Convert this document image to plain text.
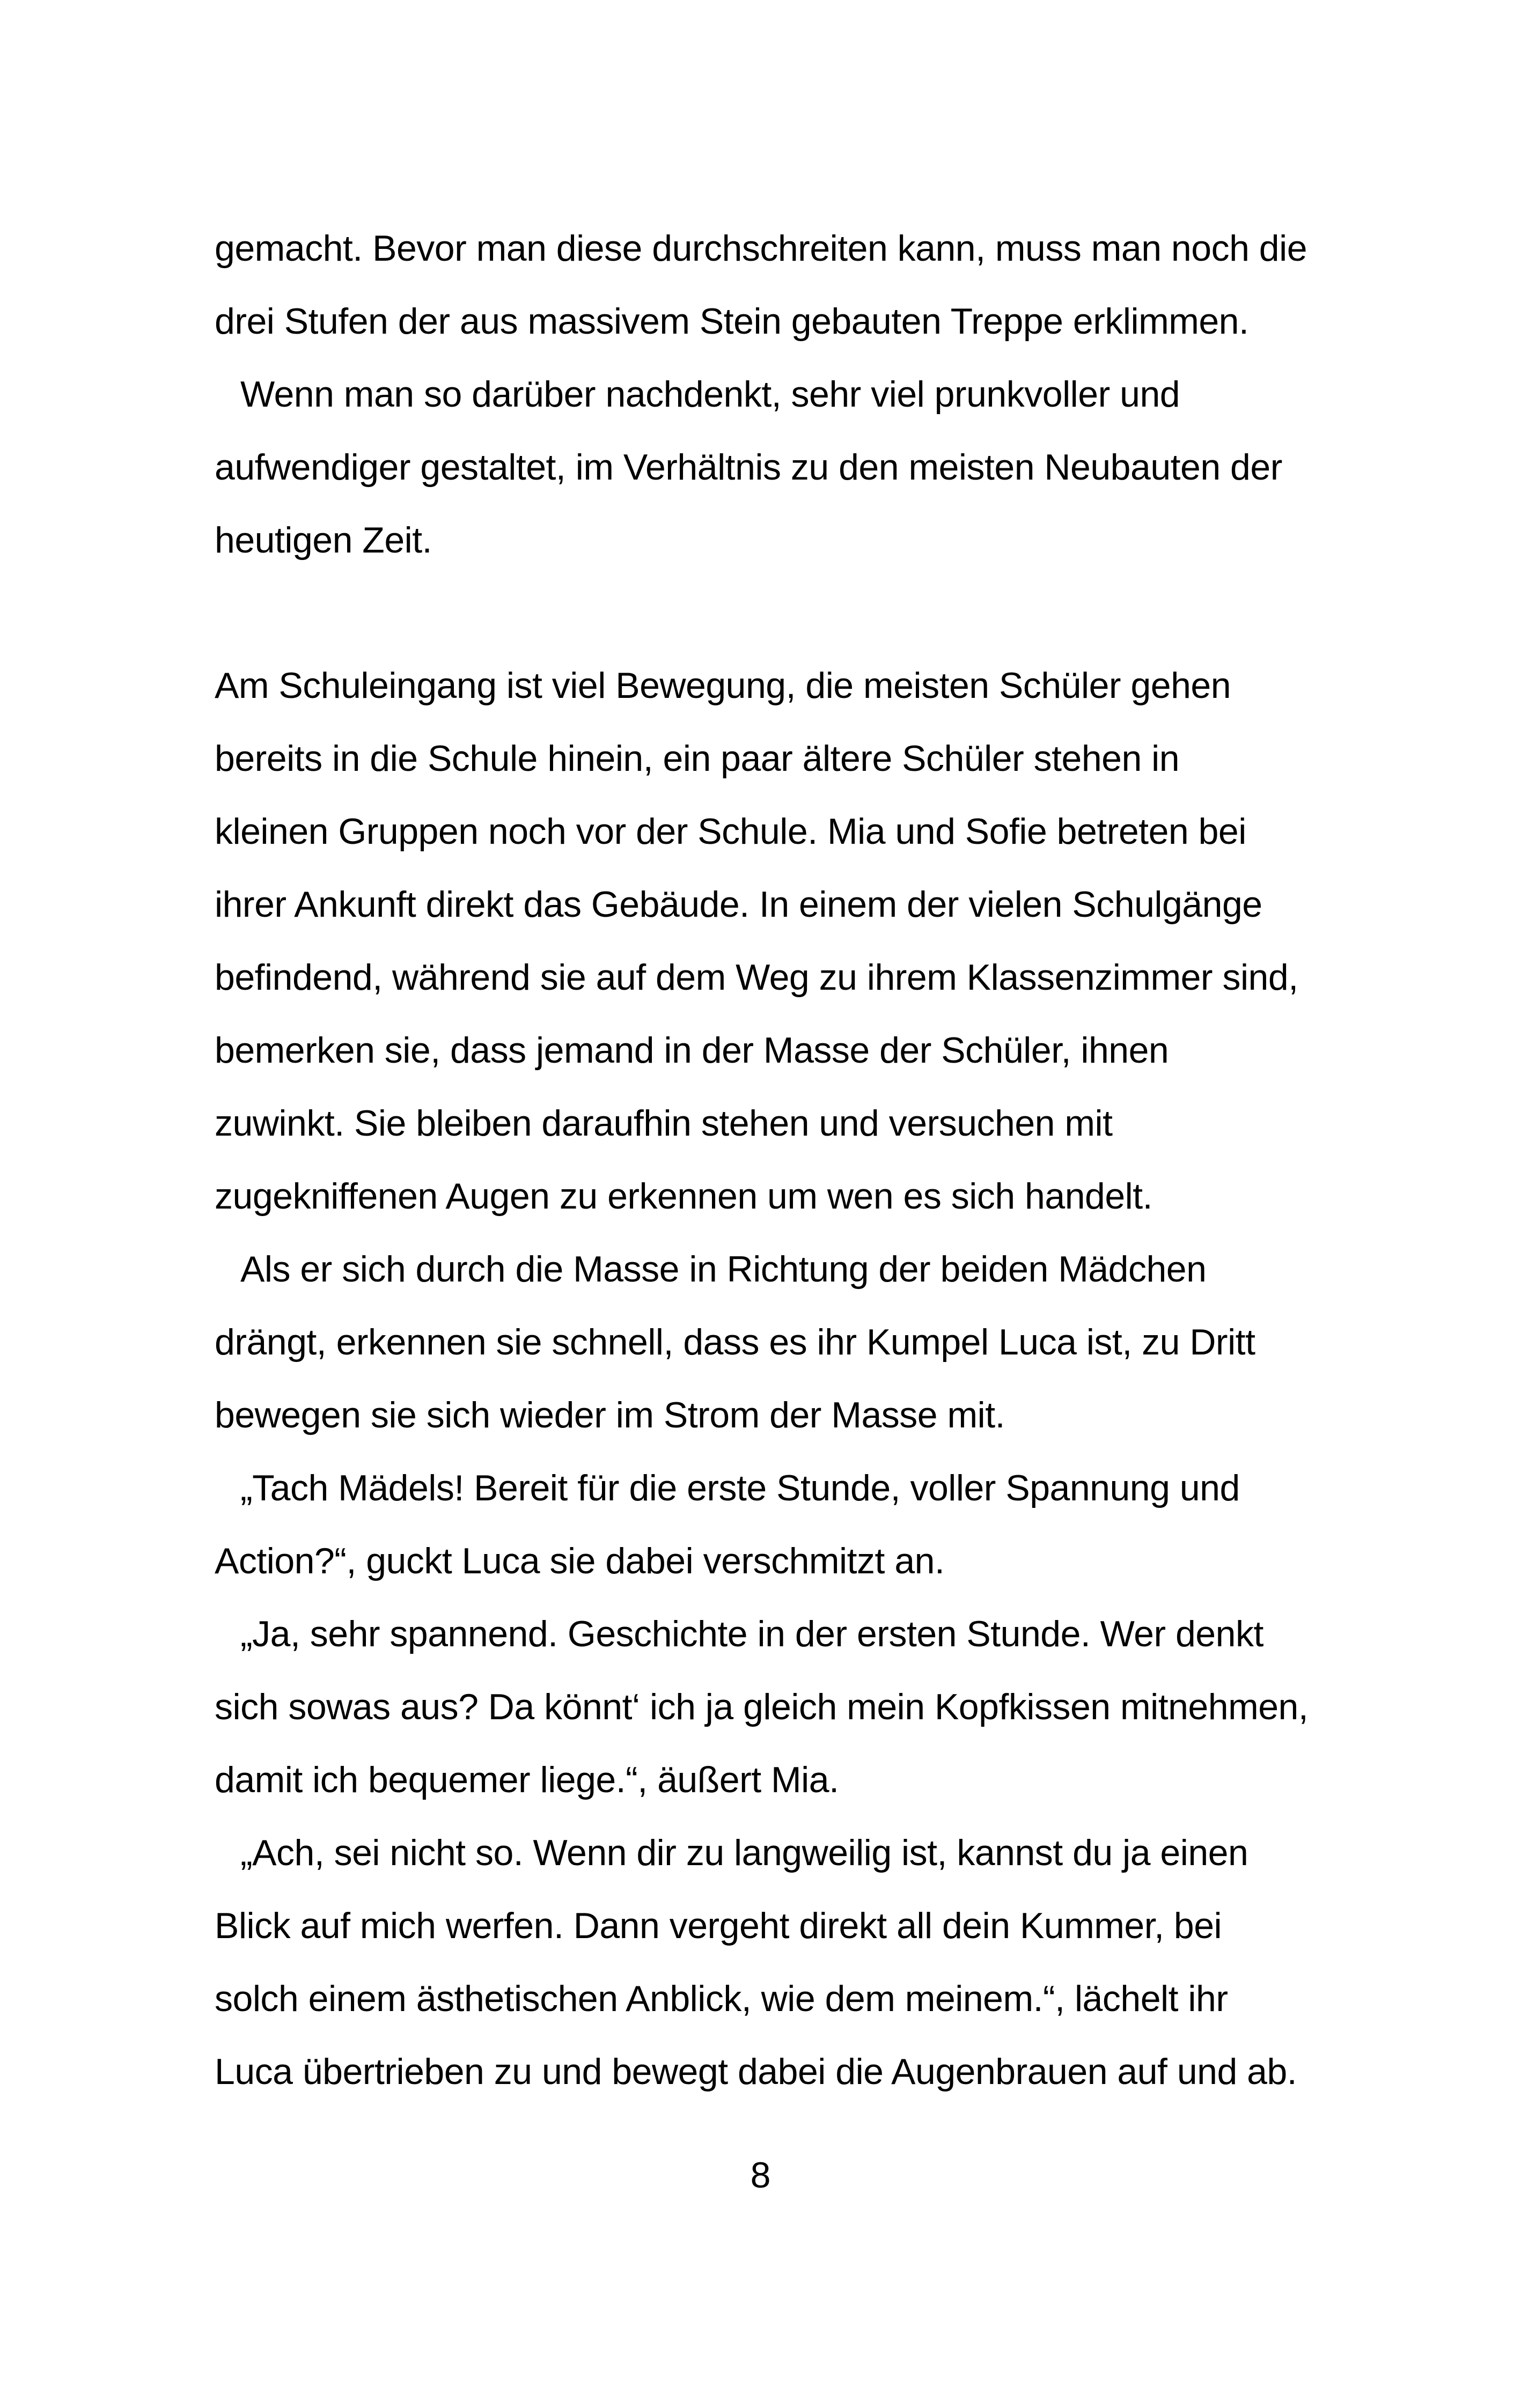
gemacht. Bevor man diese durchschreiten kann, muss man noch die
drei Stufen der aus massivem Stein gebauten Treppe erklimmen.
Wenn man so darüber nachdenkt, sehr viel prunkvoller und
aufwendiger gestaltet, im Verhältnis zu den meisten Neubauten der
heutigen Zeit.
Am Schuleingang ist viel Bewegung, die meisten Schüler gehen
bereits in die Schule hinein, ein paar ältere Schüler stehen in
kleinen Gruppen noch vor der Schule. Mia und Sofie betreten bei
ihrer Ankunft direkt das Gebäude. In einem der vielen Schulgänge
befindend, während sie auf dem Weg zu ihrem Klassenzimmer sind,
bemerken sie, dass jemand in der Masse der Schüler, ihnen
zuwinkt. Sie bleiben daraufhin stehen und versuchen mit
zugekniffenen Augen zu erkennen um wen es sich handelt.
Als er sich durch die Masse in Richtung der beiden Mädchen
drängt, erkennen sie schnell, dass es ihr Kumpel Luca ist, zu Dritt
bewegen sie sich wieder im Strom der Masse mit.
„Tach Mädels! Bereit für die erste Stunde, voller Spannung und
Action?“, guckt Luca sie dabei verschmitzt an.
„Ja, sehr spannend. Geschichte in der ersten Stunde. Wer denkt
sich sowas aus? Da könnt‘ ich ja gleich mein Kopfkissen mitnehmen,
damit ich bequemer liege.“, äußert Mia.
„Ach, sei nicht so. Wenn dir zu langweilig ist, kannst du ja einen
Blick auf mich werfen. Dann vergeht direkt all dein Kummer, bei
solch einem ästhetischen Anblick, wie dem meinem.“, lächelt ihr
Luca übertrieben zu und bewegt dabei die Augenbrauen auf und ab.
8
